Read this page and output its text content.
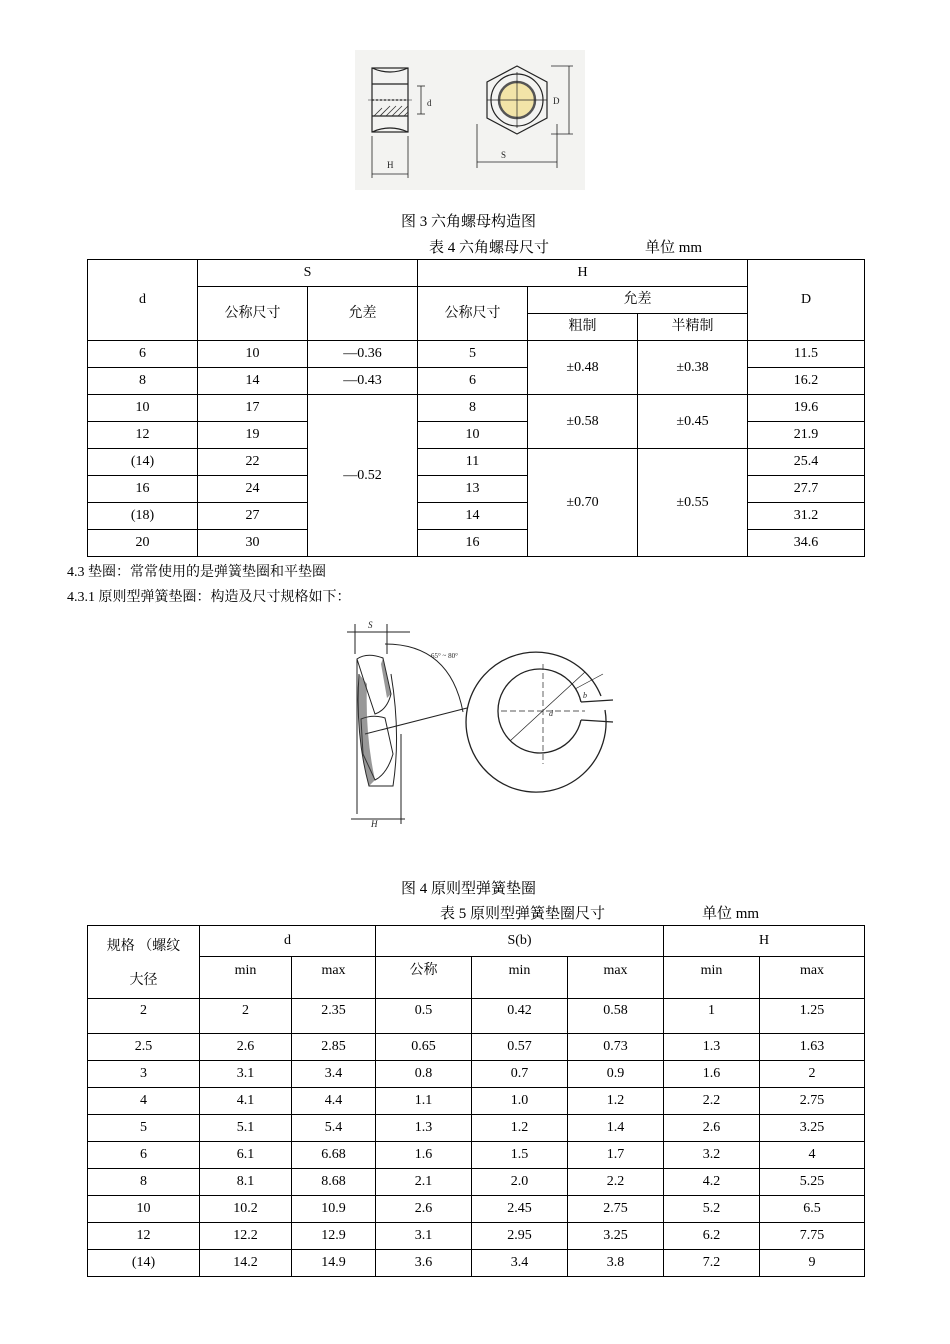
d
H
D
S
图 3 六角螺母构造图
表 4 六角螺母尺寸	单位 mm
d	S		H			D
	公称尺寸	允差	公称尺寸	允差		
				粗制	半精制	
6	10	—0.36	5	±0.48	±0.38	11.5
8	14	—0.43	6			16.2
10	17	—0.52	8	±0.58	±0.45	19.6
12	19		10			21.9
(14)	22		11	±0.70	±0.55	25.4
16	24		13			27.7
(18)	27		14			31.2
20	30		16			34.6
4.3 垫圈：常常使用的是弹簧垫圈和平垫圈
4.3.1 原则型弹簧垫圈：构造及尺寸规格如下：
S
65° ~ 80°
H
d
b
图 4 原则型弹簧垫圈
表 5 原则型弹簧垫圈尺寸	单位 mm
规格 （螺纹
大径	d		S(b)			H	
	min	max	公称	min	max	min	max
2	2	2.35	0.5	0.42	0.58	1	1.25
2.5	2.6	2.85	0.65	0.57	0.73	1.3	1.63
3	3.1	3.4	0.8	0.7	0.9	1.6	2
4	4.1	4.4	1.1	1.0	1.2	2.2	2.75
5	5.1	5.4	1.3	1.2	1.4	2.6	3.25
6	6.1	6.68	1.6	1.5	1.7	3.2	4
8	8.1	8.68	2.1	2.0	2.2	4.2	5.25
10	10.2	10.9	2.6	2.45	2.75	5.2	6.5
12	12.2	12.9	3.1	2.95	3.25	6.2	7.75
(14)	14.2	14.9	3.6	3.4	3.8	7.2	9
